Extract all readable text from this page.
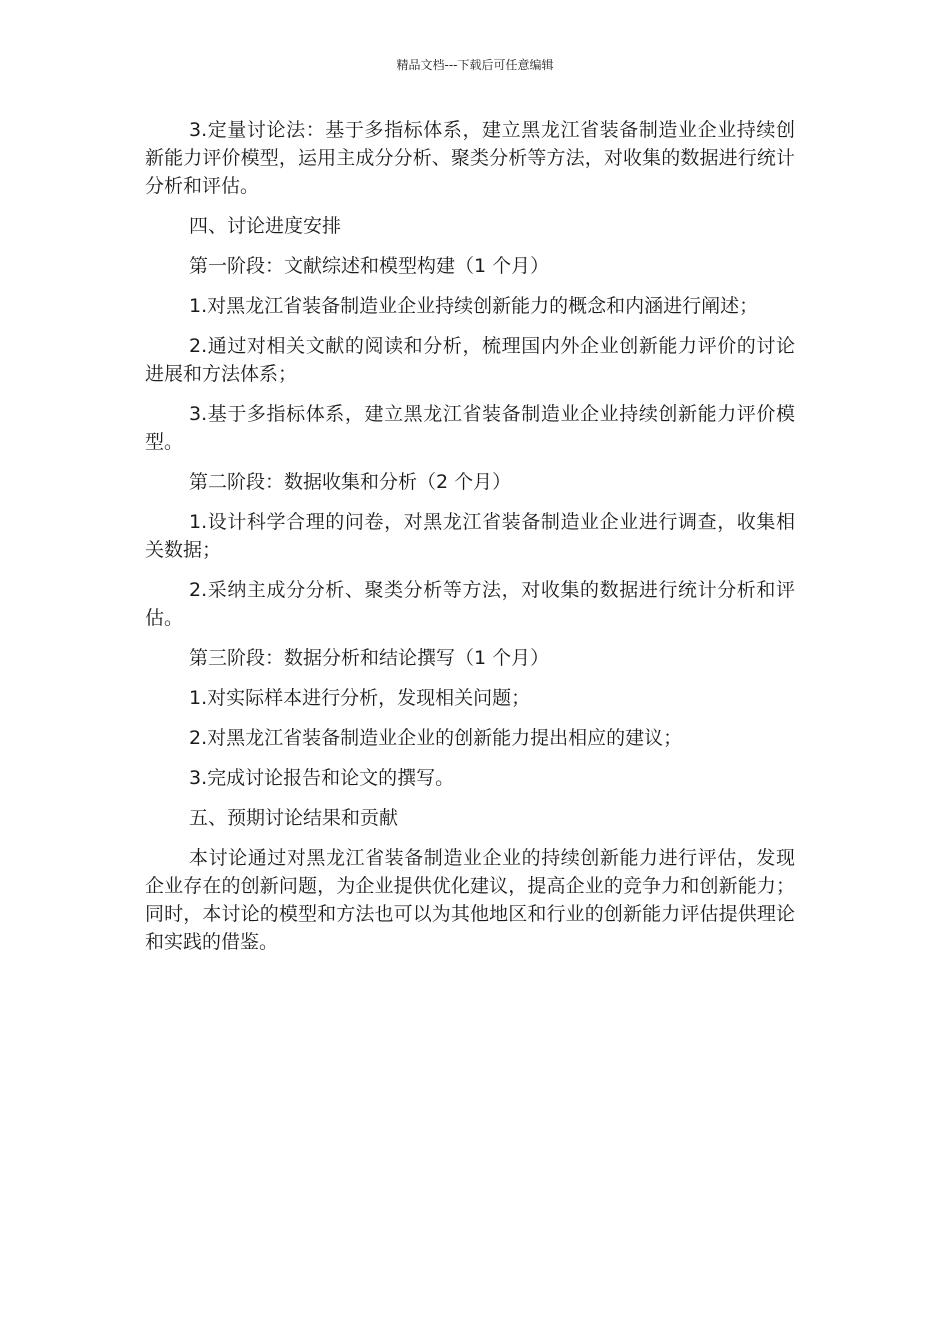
精品文档---下载后可任意编辑

3.定量讨论法：基于多指标体系，建立黑龙江省装备制造业企业持续创新能力评价模型，运用主成分分析、聚类分析等方法，对收集的数据进行统计分析和评估。

四、讨论进度安排

第一阶段：文献综述和模型构建（1 个月）

1.对黑龙江省装备制造业企业持续创新能力的概念和内涵进行阐述；

2.通过对相关文献的阅读和分析，梳理国内外企业创新能力评价的讨论进展和方法体系；

3.基于多指标体系，建立黑龙江省装备制造业企业持续创新能力评价模型。

第二阶段：数据收集和分析（2 个月）

1.设计科学合理的问卷，对黑龙江省装备制造业企业进行调查，收集相关数据；

2.采纳主成分分析、聚类分析等方法，对收集的数据进行统计分析和评估。

第三阶段：数据分析和结论撰写（1 个月）

1.对实际样本进行分析，发现相关问题；

2.对黑龙江省装备制造业企业的创新能力提出相应的建议；

3.完成讨论报告和论文的撰写。

五、预期讨论结果和贡献

本讨论通过对黑龙江省装备制造业企业的持续创新能力进行评估，发现企业存在的创新问题，为企业提供优化建议，提高企业的竞争力和创新能力；同时，本讨论的模型和方法也可以为其他地区和行业的创新能力评估提供理论和实践的借鉴。
